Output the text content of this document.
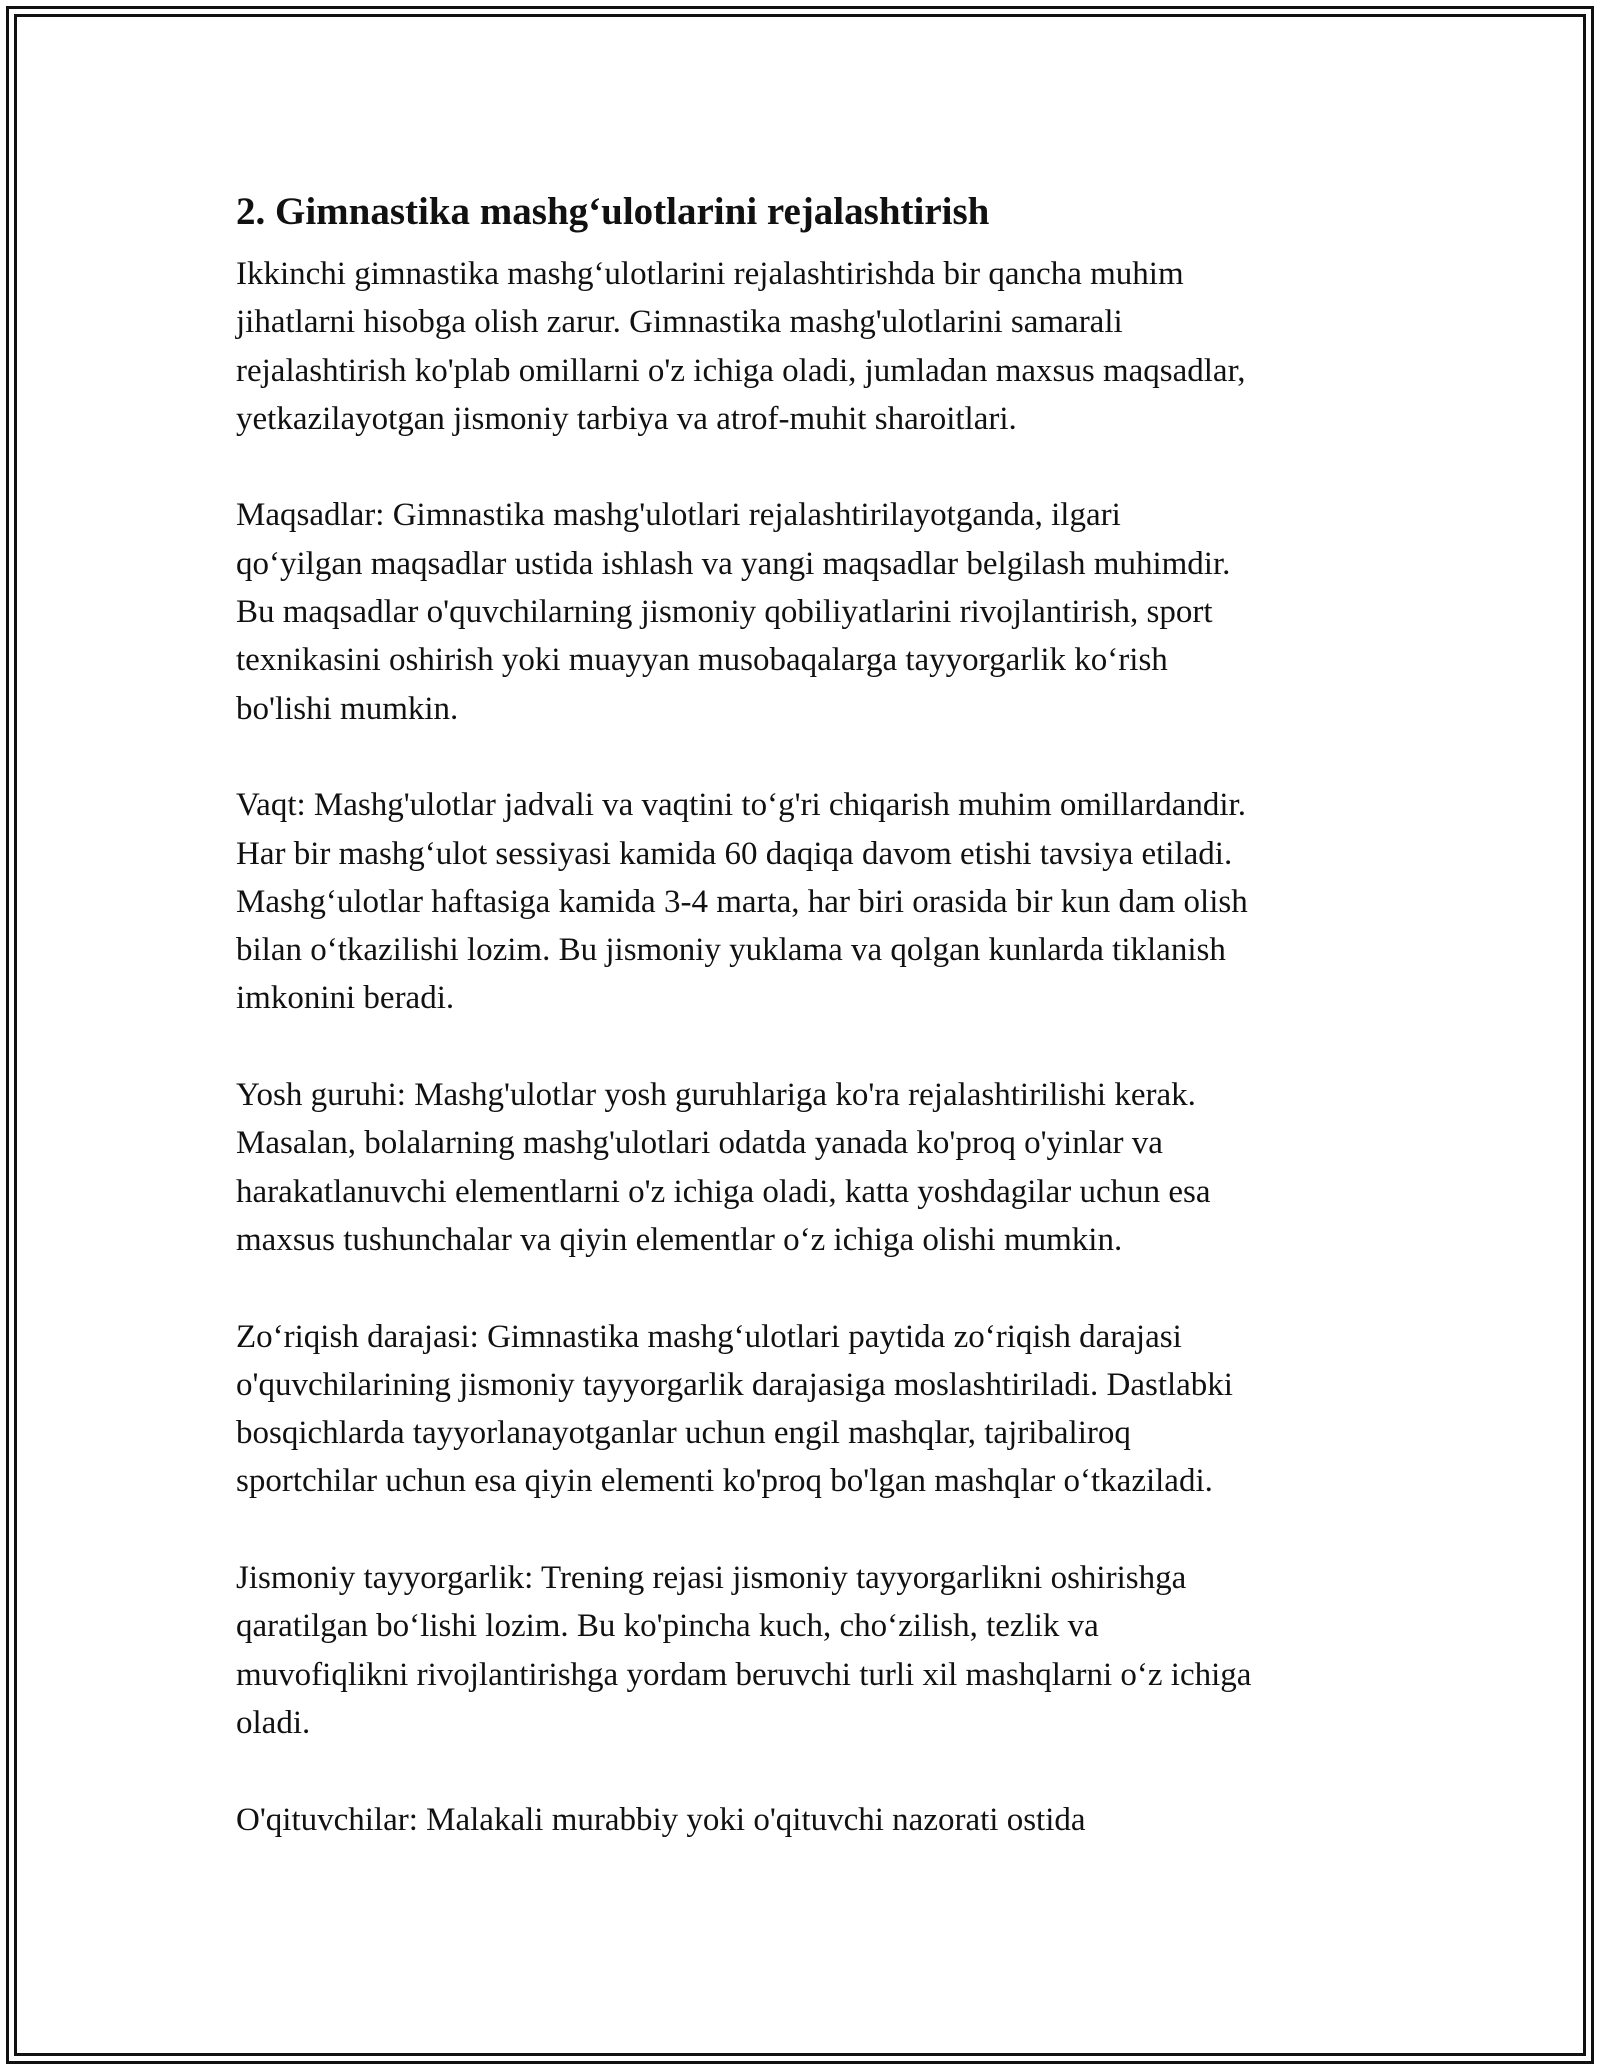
2. Gimnastika mashgʻulotlarini rejalashtirish

Ikkinchi gimnastika mashgʻulotlarini rejalashtirishda bir qancha muhim
jihatlarni hisobga olish zarur. Gimnastika mashg'ulotlarini samarali
rejalashtirish ko'plab omillarni o'z ichiga oladi, jumladan maxsus maqsadlar,
yetkazilayotgan jismoniy tarbiya va atrof-muhit sharoitlari.

Maqsadlar: Gimnastika mashg'ulotlari rejalashtirilayotganda, ilgari
qoʻyilgan maqsadlar ustida ishlash va yangi maqsadlar belgilash muhimdir.
Bu maqsadlar o'quvchilarning jismoniy qobiliyatlarini rivojlantirish, sport
texnikasini oshirish yoki muayyan musobaqalarga tayyorgarlik koʻrish
bo'lishi mumkin.

Vaqt: Mashg'ulotlar jadvali va vaqtini toʻg'ri chiqarish muhim omillardandir.
Har bir mashgʻulot sessiyasi kamida 60 daqiqa davom etishi tavsiya etiladi.
Mashgʻulotlar haftasiga kamida 3-4 marta, har biri orasida bir kun dam olish
bilan oʻtkazilishi lozim. Bu jismoniy yuklama va qolgan kunlarda tiklanish
imkonini beradi.

Yosh guruhi: Mashg'ulotlar yosh guruhlariga ko'ra rejalashtirilishi kerak.
Masalan, bolalarning mashg'ulotlari odatda yanada ko'proq o'yinlar va
harakatlanuvchi elementlarni o'z ichiga oladi, katta yoshdagilar uchun esa
maxsus tushunchalar va qiyin elementlar oʻz ichiga olishi mumkin.

Zoʻriqish darajasi: Gimnastika mashgʻulotlari paytida zoʻriqish darajasi
o'quvchilarining jismoniy tayyorgarlik darajasiga moslashtiriladi. Dastlabki
bosqichlarda tayyorlanayotganlar uchun engil mashqlar, tajribaliroq
sportchilar uchun esa qiyin elementi ko'proq bo'lgan mashqlar oʻtkaziladi.

Jismoniy tayyorgarlik: Trening rejasi jismoniy tayyorgarlikni oshirishga
qaratilgan boʻlishi lozim. Bu ko'pincha kuch, choʻzilish, tezlik va
muvofiqlikni rivojlantirishga yordam beruvchi turli xil mashqlarni oʻz ichiga
oladi.

O'qituvchilar: Malakali murabbiy yoki o'qituvchi nazorati ostida
